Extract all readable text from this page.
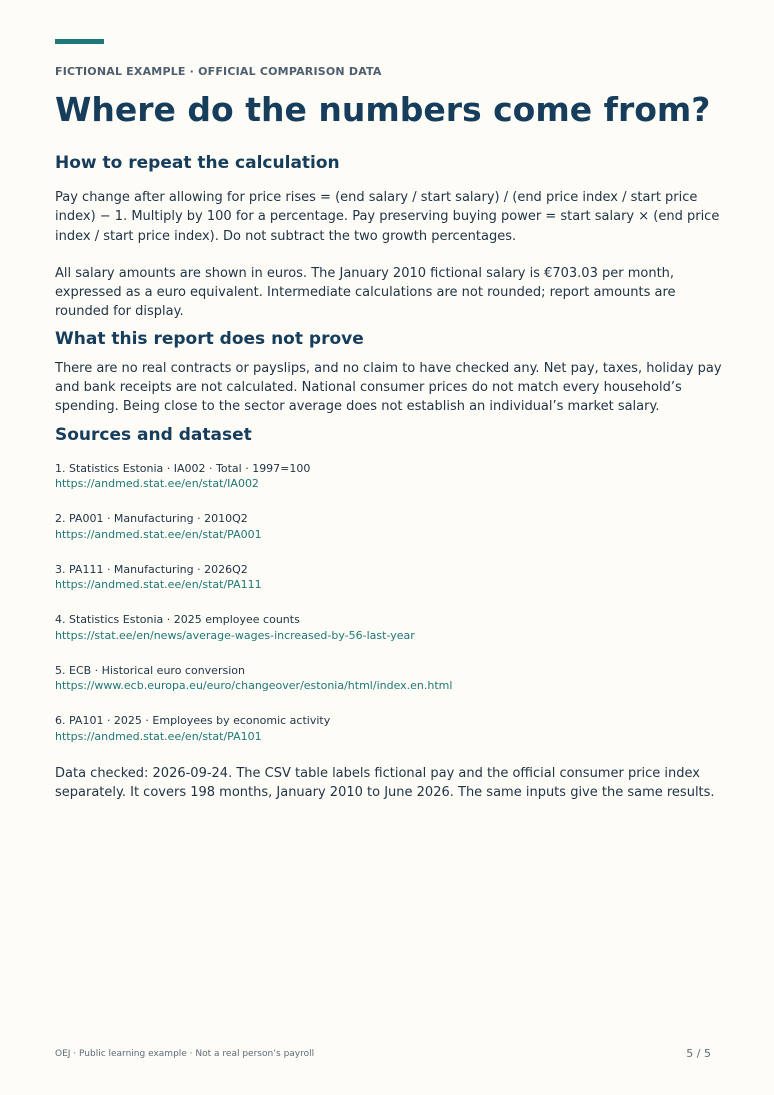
FICTIONAL EXAMPLE · OFFICIAL COMPARISON DATA
Where do the numbers come from?
How to repeat the calculation

Pay change after allowing for price rises = (end salary / start salary) / (end price index / start price index) − 1. Multiply by 100 for a percentage. Pay preserving buying power = start salary × (end price index / start price index). Do not subtract the two growth percentages.

All salary amounts are shown in euros. The January 2010 fictional salary is €703.03 per month, expressed as a euro equivalent. Intermediate calculations are not rounded; report amounts are rounded for display.

What this report does not prove

There are no real contracts or payslips, and no claim to have checked any. Net pay, taxes, holiday pay and bank receipts are not calculated. National consumer prices do not match every household’s spending. Being close to the sector average does not establish an individual’s market salary.

Sources and dataset
1. Statistics Estonia · IA002 · Total · 1997=100
https://andmed.stat.ee/en/stat/IA002
2. PA001 · Manufacturing · 2010Q2
https://andmed.stat.ee/en/stat/PA001
3. PA111 · Manufacturing · 2026Q2
https://andmed.stat.ee/en/stat/PA111
4. Statistics Estonia · 2025 employee counts
https://stat.ee/en/news/average-wages-increased-by-56-last-year
5. ECB · Historical euro conversion
https://www.ecb.europa.eu/euro/changeover/estonia/html/index.en.html
6. PA101 · 2025 · Employees by economic activity
https://andmed.stat.ee/en/stat/PA101

Data checked: 2026-09-24. The CSV table labels fictional pay and the official consumer price index separately. It covers 198 months, January 2010 to June 2026. The same inputs give the same results.

OEJ · Public learning example · Not a real person’s payroll	5 / 5
